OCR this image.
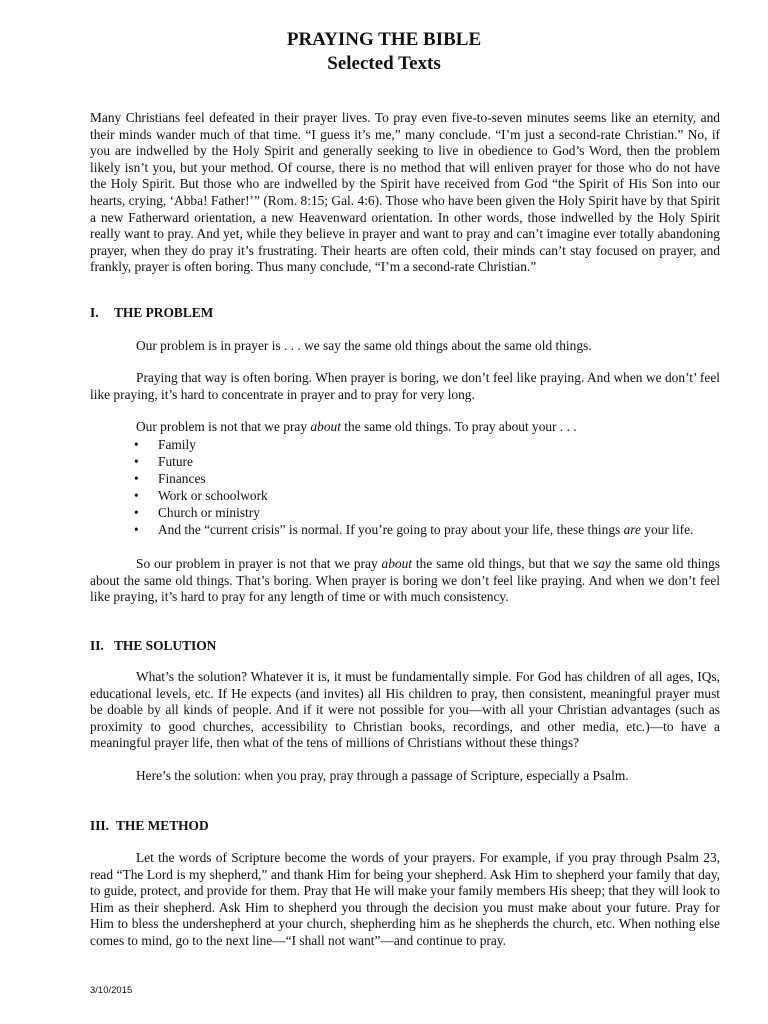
PRAYING THE BIBLE
Selected Texts

Many Christians feel defeated in their prayer lives. To pray even five-to-seven minutes seems like an eternity, and their minds wander much of that time. “I guess it’s me,” many conclude. “I’m just a second-rate Christian.” No, if you are indwelled by the Holy Spirit and generally seeking to live in obedience to God’s Word, then the problem likely isn’t you, but your method. Of course, there is no method that will enliven prayer for those who do not have the Holy Spirit. But those who are indwelled by the Spirit have received from God “the Spirit of His Son into our hearts, crying, ‘Abba! Father!’” (Rom. 8:15; Gal. 4:6). Those who have been given the Holy Spirit have by that Spirit a new Fatherward orientation, a new Heavenward orientation. In other words, those indwelled by the Holy Spirit really want to pray. And yet, while they believe in prayer and want to pray and can’t imagine ever totally abandoning prayer, when they do pray it’s frustrating. Their hearts are often cold, their minds can’t stay focused on prayer, and frankly, prayer is often boring. Thus many conclude, “I’m a second-rate Christian.”

I. THE PROBLEM

Our problem is in prayer is . . . we say the same old things about the same old things.

Praying that way is often boring. When prayer is boring, we don’t feel like praying. And when we don’t’ feel like praying, it’s hard to concentrate in prayer and to pray for very long.

Our problem is not that we pray about the same old things. To pray about your . . .

• Family
• Future
• Finances
• Work or schoolwork
• Church or ministry
• And the “current crisis” is normal. If you’re going to pray about your life, these things are your life.

So our problem in prayer is not that we pray about the same old things, but that we say the same old things about the same old things. That’s boring. When prayer is boring we don’t feel like praying. And when we don’t feel like praying, it’s hard to pray for any length of time or with much consistency.

II. THE SOLUTION

What’s the solution? Whatever it is, it must be fundamentally simple. For God has children of all ages, IQs, educational levels, etc. If He expects (and invites) all His children to pray, then consistent, meaningful prayer must be doable by all kinds of people. And if it were not possible for you—with all your Christian advantages (such as proximity to good churches, accessibility to Christian books, recordings, and other media, etc.)—to have a meaningful prayer life, then what of the tens of millions of Christians without these things?

Here’s the solution: when you pray, pray through a passage of Scripture, especially a Psalm.

III. THE METHOD

Let the words of Scripture become the words of your prayers. For example, if you pray through Psalm 23, read “The Lord is my shepherd,” and thank Him for being your shepherd. Ask Him to shepherd your family that day, to guide, protect, and provide for them. Pray that He will make your family members His sheep; that they will look to Him as their shepherd. Ask Him to shepherd you through the decision you must make about your future. Pray for Him to bless the undershepherd at your church, shepherding him as he shepherds the church, etc. When nothing else comes to mind, go to the next line—“I shall not want”—and continue to pray.

3/10/2015
